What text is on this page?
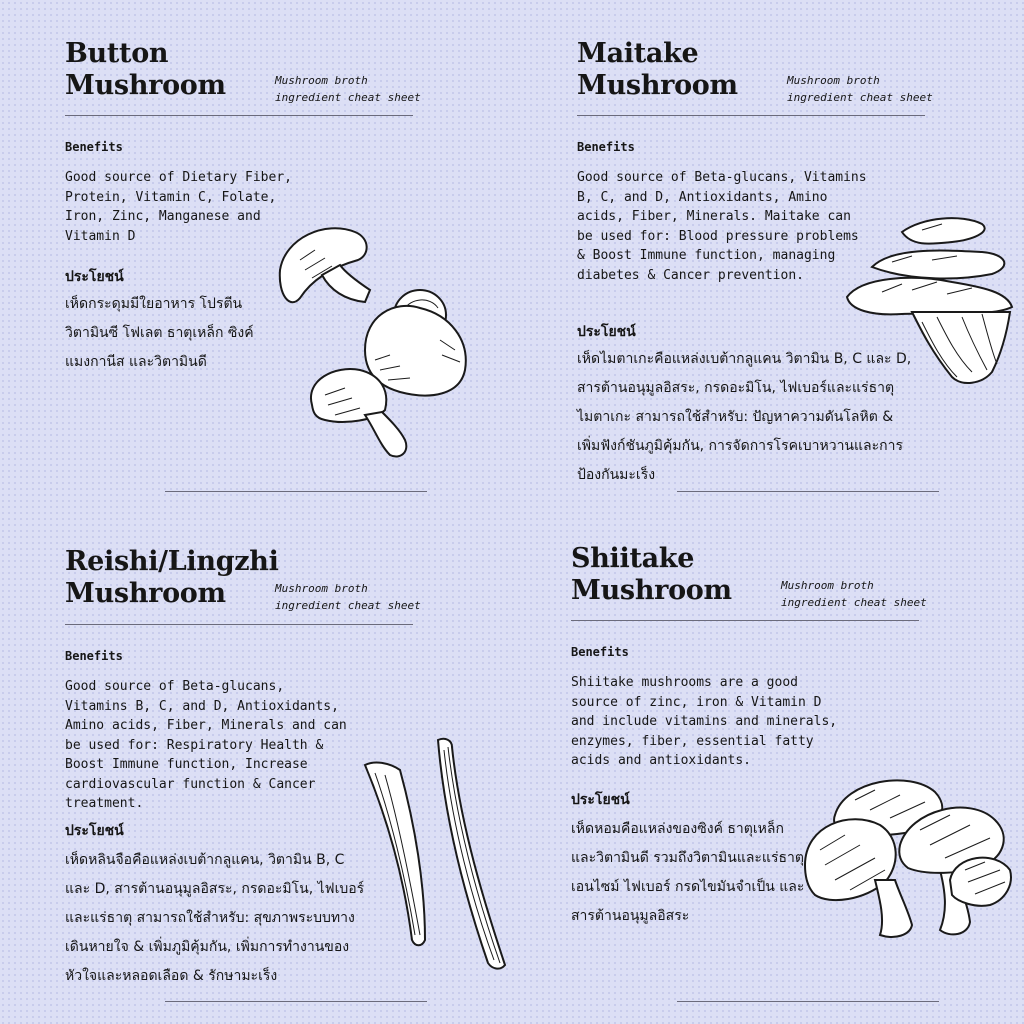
Button
Mushroom	Mushroom broth
ingredient cheat sheet
Benefits

Good source of Dietary Fiber,
Protein, Vitamin C, Folate,
Iron, Zinc, Manganese and
Vitamin D

ประโยชน์

เห็ดกระดุมมีใยอาหาร โปรตีน
วิตามินซี โฟเลต ธาตุเหล็ก ซิงค์
แมงกานีส และวิตามินดี

Maitake
Mushroom	Mushroom broth
ingredient cheat sheet
Benefits

Good source of Beta-glucans, Vitamins
B, C, and D, Antioxidants, Amino
acids, Fiber, Minerals. Maitake can
be used for: Blood pressure problems
& Boost Immune function, managing
diabetes & Cancer prevention.

ประโยชน์

เห็ดไมตาเกะคือแหล่งเบต้ากลูแคน วิตามิน B, C และ D,
สารต้านอนุมูลอิสระ, กรดอะมิโน, ไฟเบอร์และแร่ธาตุ
ไมตาเกะ สามารถใช้สำหรับ: ปัญหาความดันโลหิต &
เพิ่มฟังก์ชันภูมิคุ้มกัน, การจัดการโรคเบาหวานและการ
ป้องกันมะเร็ง

Reishi/Lingzhi
Mushroom	Mushroom broth
ingredient cheat sheet
Benefits

Good source of Beta-glucans,
Vitamins B, C, and D, Antioxidants,
Amino acids, Fiber, Minerals and can
be used for: Respiratory Health &
Boost Immune function, Increase
cardiovascular function & Cancer
treatment.

ประโยชน์

เห็ดหลินจือคือแหล่งเบต้ากลูแคน, วิตามิน B, C
และ D, สารต้านอนุมูลอิสระ, กรดอะมิโน, ไฟเบอร์
และแร่ธาตุ สามารถใช้สำหรับ: สุขภาพระบบทาง
เดินหายใจ & เพิ่มภูมิคุ้มกัน, เพิ่มการทำงานของ
หัวใจและหลอดเลือด & รักษามะเร็ง

Shiitake
Mushroom	Mushroom broth
ingredient cheat sheet
Benefits

Shiitake mushrooms are a good
source of zinc, iron & Vitamin D
and include vitamins and minerals,
enzymes, fiber, essential fatty
acids and antioxidants.

ประโยชน์

เห็ดหอมคือแหล่งของซิงค์ ธาตุเหล็ก
และวิตามินดี รวมถึงวิตามินและแร่ธาตุ
เอนไซม์ ไฟเบอร์ กรดไขมันจำเป็น และ
สารต้านอนุมูลอิสระ
